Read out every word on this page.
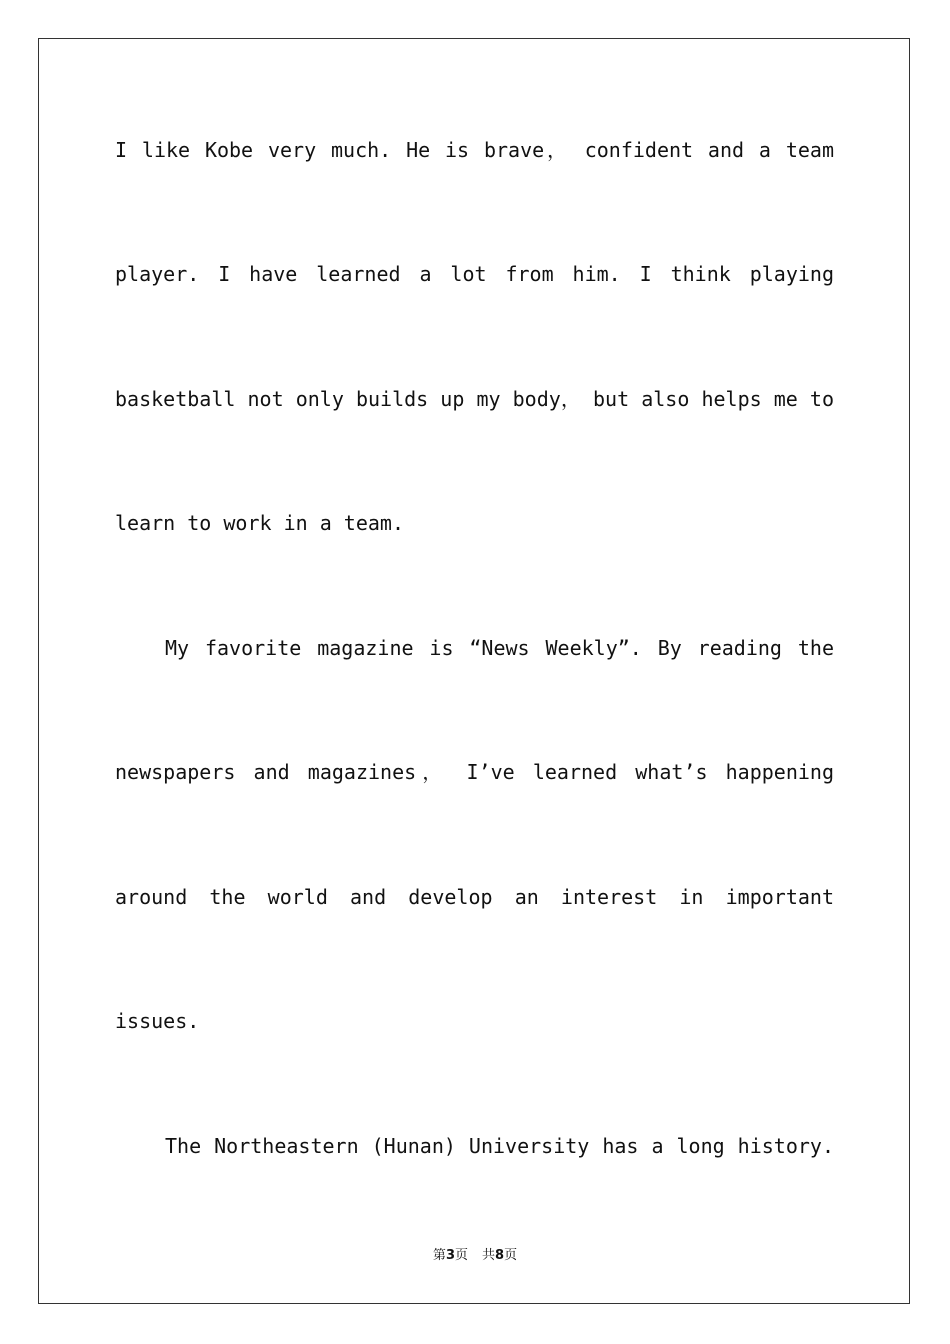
I like Kobe very much. He is brave， confident and a team
player. I have learned a lot from him. I think playing
basketball not only builds up my body， but also helps me to
learn to work in a team.
My favorite magazine is “News Weekly”. By reading the
newspapers and magazines， I’ve learned what’s happening
around the world and develop an interest in important
issues.
The Northeastern (Hunan) University has a long history.
第3页 共8页
